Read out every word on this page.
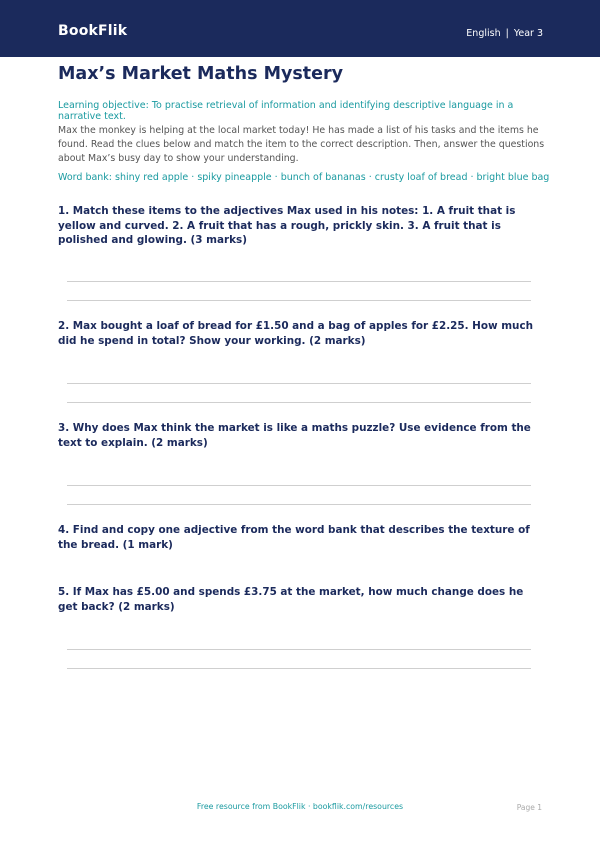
BookFlik	English | Year 3
Max’s Market Maths Mystery
Learning objective: To practise retrieval of information and identifying descriptive language in a narrative text.
Max the monkey is helping at the local market today! He has made a list of his tasks and the items he found. Read the clues below and match the item to the correct description. Then, answer the questions about Max’s busy day to show your understanding.
Word bank: shiny red apple · spiky pineapple · bunch of bananas · crusty loaf of bread · bright blue bag
1. Match these items to the adjectives Max used in his notes: 1. A fruit that is yellow and curved. 2. A fruit that has a rough, prickly skin. 3. A fruit that is polished and glowing. (3 marks)
2. Max bought a loaf of bread for £1.50 and a bag of apples for £2.25. How much did he spend in total? Show your working. (2 marks)
3. Why does Max think the market is like a maths puzzle? Use evidence from the text to explain. (2 marks)
4. Find and copy one adjective from the word bank that describes the texture of the bread. (1 mark)
5. If Max has £5.00 and spends £3.75 at the market, how much change does he get back? (2 marks)
Free resource from BookFlik · bookflik.com/resources	Page 1
